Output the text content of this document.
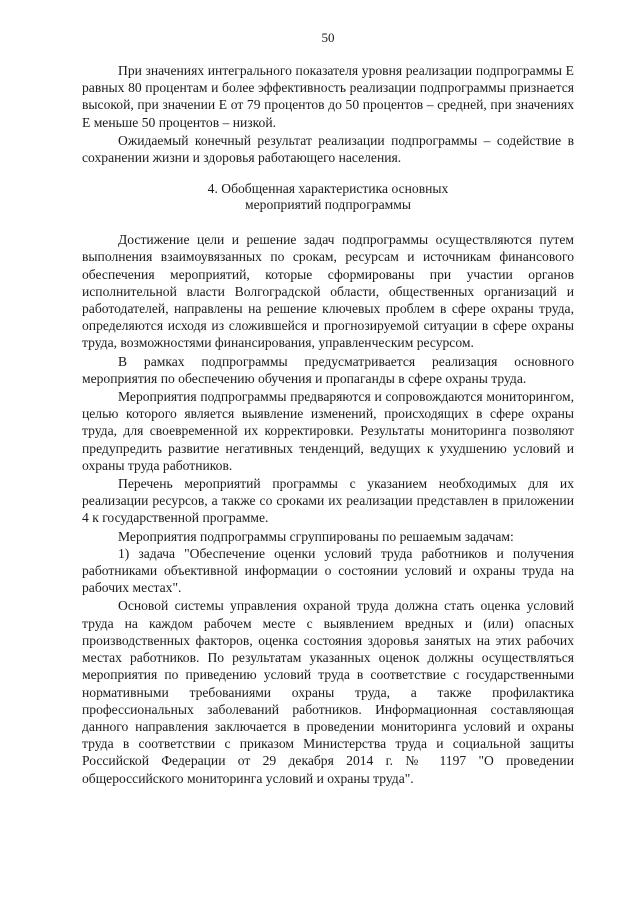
50

При значениях интегрального показателя уровня реализации подпрограммы Е равных 80 процентам и более эффективность реализации подпрограммы признается высокой, при значении Е от 79 процентов до 50 процентов – средней, при значениях Е меньше 50 процентов – низкой.

Ожидаемый конечный результат реализации подпрограммы – содействие в сохранении жизни и здоровья работающего населения.

4. Обобщенная характеристика основных
мероприятий подпрограммы

Достижение цели и решение задач подпрограммы осуществляются путем выполнения взаимоувязанных по срокам, ресурсам и источникам финансового обеспечения мероприятий, которые сформированы при участии органов исполнительной власти Волгоградской области, общественных организаций и работодателей, направлены на решение ключевых проблем в сфере охраны труда, определяются исходя из сложившейся и прогнозируемой ситуации в сфере охраны труда, возможностями финансирования, управленческим ресурсом.

В рамках подпрограммы предусматривается реализация основного мероприятия по обеспечению обучения и пропаганды в сфере охраны труда.

Мероприятия подпрограммы предваряются и сопровождаются мониторингом, целью которого является выявление изменений, происходящих в сфере охраны труда, для своевременной их корректировки. Результаты мониторинга позволяют предупредить развитие негативных тенденций, ведущих к ухудшению условий и охраны труда работников.

Перечень мероприятий программы с указанием необходимых для их реализации ресурсов, а также со сроками их реализации представлен в приложении 4 к государственной программе.

Мероприятия подпрограммы сгруппированы по решаемым задачам:

1) задача "Обеспечение оценки условий труда работников и получения работниками объективной информации о состоянии условий и охраны труда на рабочих местах".

Основой системы управления охраной труда должна стать оценка условий труда на каждом рабочем месте с выявлением вредных и (или) опасных производственных факторов, оценка состояния здоровья занятых на этих рабочих местах работников. По результатам указанных оценок должны осуществляться мероприятия по приведению условий труда в соответствие с государственными нормативными требованиями охраны труда, а также профилактика профессиональных заболеваний работников. Информационная составляющая данного направления заключается в проведении мониторинга условий и охраны труда в соответствии с приказом Министерства труда и социальной защиты Российской Федерации от 29 декабря 2014 г. № 1197 "О проведении общероссийского мониторинга условий и охраны труда".
